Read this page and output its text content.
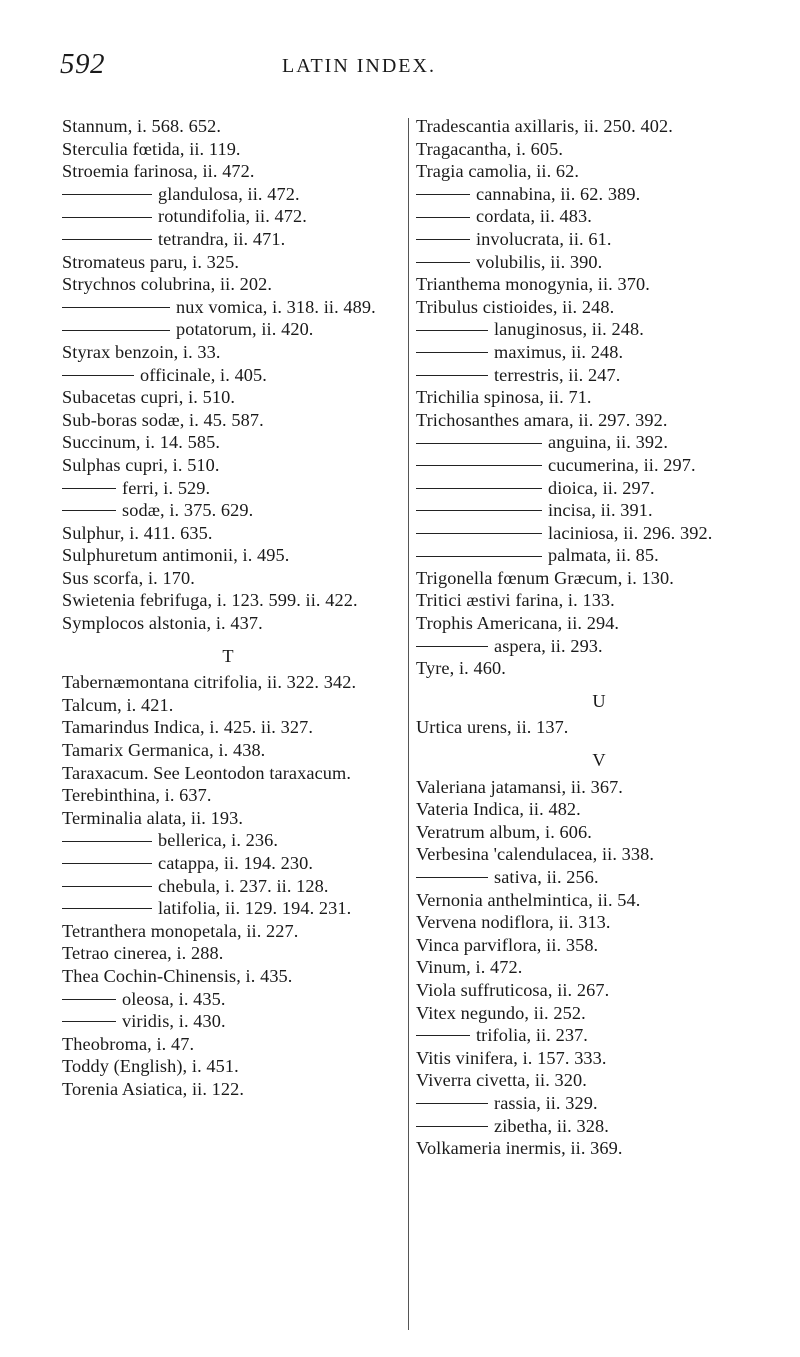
592	LATIN INDEX.
Stannum, i. 568. 652.
Sterculia fœtida, ii. 119.
Stroemia farinosa, ii. 472.
glandulosa, ii. 472.
rotundifolia, ii. 472.
tetrandra, ii. 471.
Stromateus paru, i. 325.
Strychnos colubrina, ii. 202.
nux vomica, i. 318. ii. 489.
potatorum, ii. 420.
Styrax benzoin, i. 33.
officinale, i. 405.
Subacetas cupri, i. 510.
Sub-boras sodæ, i. 45. 587.
Succinum, i. 14. 585.
Sulphas cupri, i. 510.
ferri, i. 529.
sodæ, i. 375. 629.
Sulphur, i. 411. 635.
Sulphuretum antimonii, i. 495.
Sus scorfa, i. 170.
Swietenia febrifuga, i. 123. 599. ii. 422.
Symplocos alstonia, i. 437.
T
Tabernæmontana citrifolia, ii. 322. 342.
Talcum, i. 421.
Tamarindus Indica, i. 425. ii. 327.
Tamarix Germanica, i. 438.
Taraxacum. See Leontodon taraxacum.
Terebinthina, i. 637.
Terminalia alata, ii. 193.
bellerica, i. 236.
catappa, ii. 194. 230.
chebula, i. 237. ii. 128.
latifolia, ii. 129. 194. 231.
Tetranthera monopetala, ii. 227.
Tetrao cinerea, i. 288.
Thea Cochin-Chinensis, i. 435.
oleosa, i. 435.
viridis, i. 430.
Theobroma, i. 47.
Toddy (English), i. 451.
Torenia Asiatica, ii. 122.
Tradescantia axillaris, ii. 250. 402.
Tragacantha, i. 605.
Tragia camolia, ii. 62.
cannabina, ii. 62. 389.
cordata, ii. 483.
involucrata, ii. 61.
volubilis, ii. 390.
Trianthema monogynia, ii. 370.
Tribulus cistioides, ii. 248.
lanuginosus, ii. 248.
maximus, ii. 248.
terrestris, ii. 247.
Trichilia spinosa, ii. 71.
Trichosanthes amara, ii. 297. 392.
anguina, ii. 392.
cucumerina, ii. 297.
dioica, ii. 297.
incisa, ii. 391.
laciniosa, ii. 296. 392.
palmata, ii. 85.
Trigonella fœnum Græcum, i. 130.
Tritici æstivi farina, i. 133.
Trophis Americana, ii. 294.
aspera, ii. 293.
Tyre, i. 460.
U
Urtica urens, ii. 137.
V
Valeriana jatamansi, ii. 367.
Vateria Indica, ii. 482.
Veratrum album, i. 606.
Verbesina 'calendulacea, ii. 338.
sativa, ii. 256.
Vernonia anthelmintica, ii. 54.
Vervena nodiflora, ii. 313.
Vinca parviflora, ii. 358.
Vinum, i. 472.
Viola suffruticosa, ii. 267.
Vitex negundo, ii. 252.
trifolia, ii. 237.
Vitis vinifera, i. 157. 333.
Viverra civetta, ii. 320.
rassia, ii. 329.
zibetha, ii. 328.
Volkameria inermis, ii. 369.
